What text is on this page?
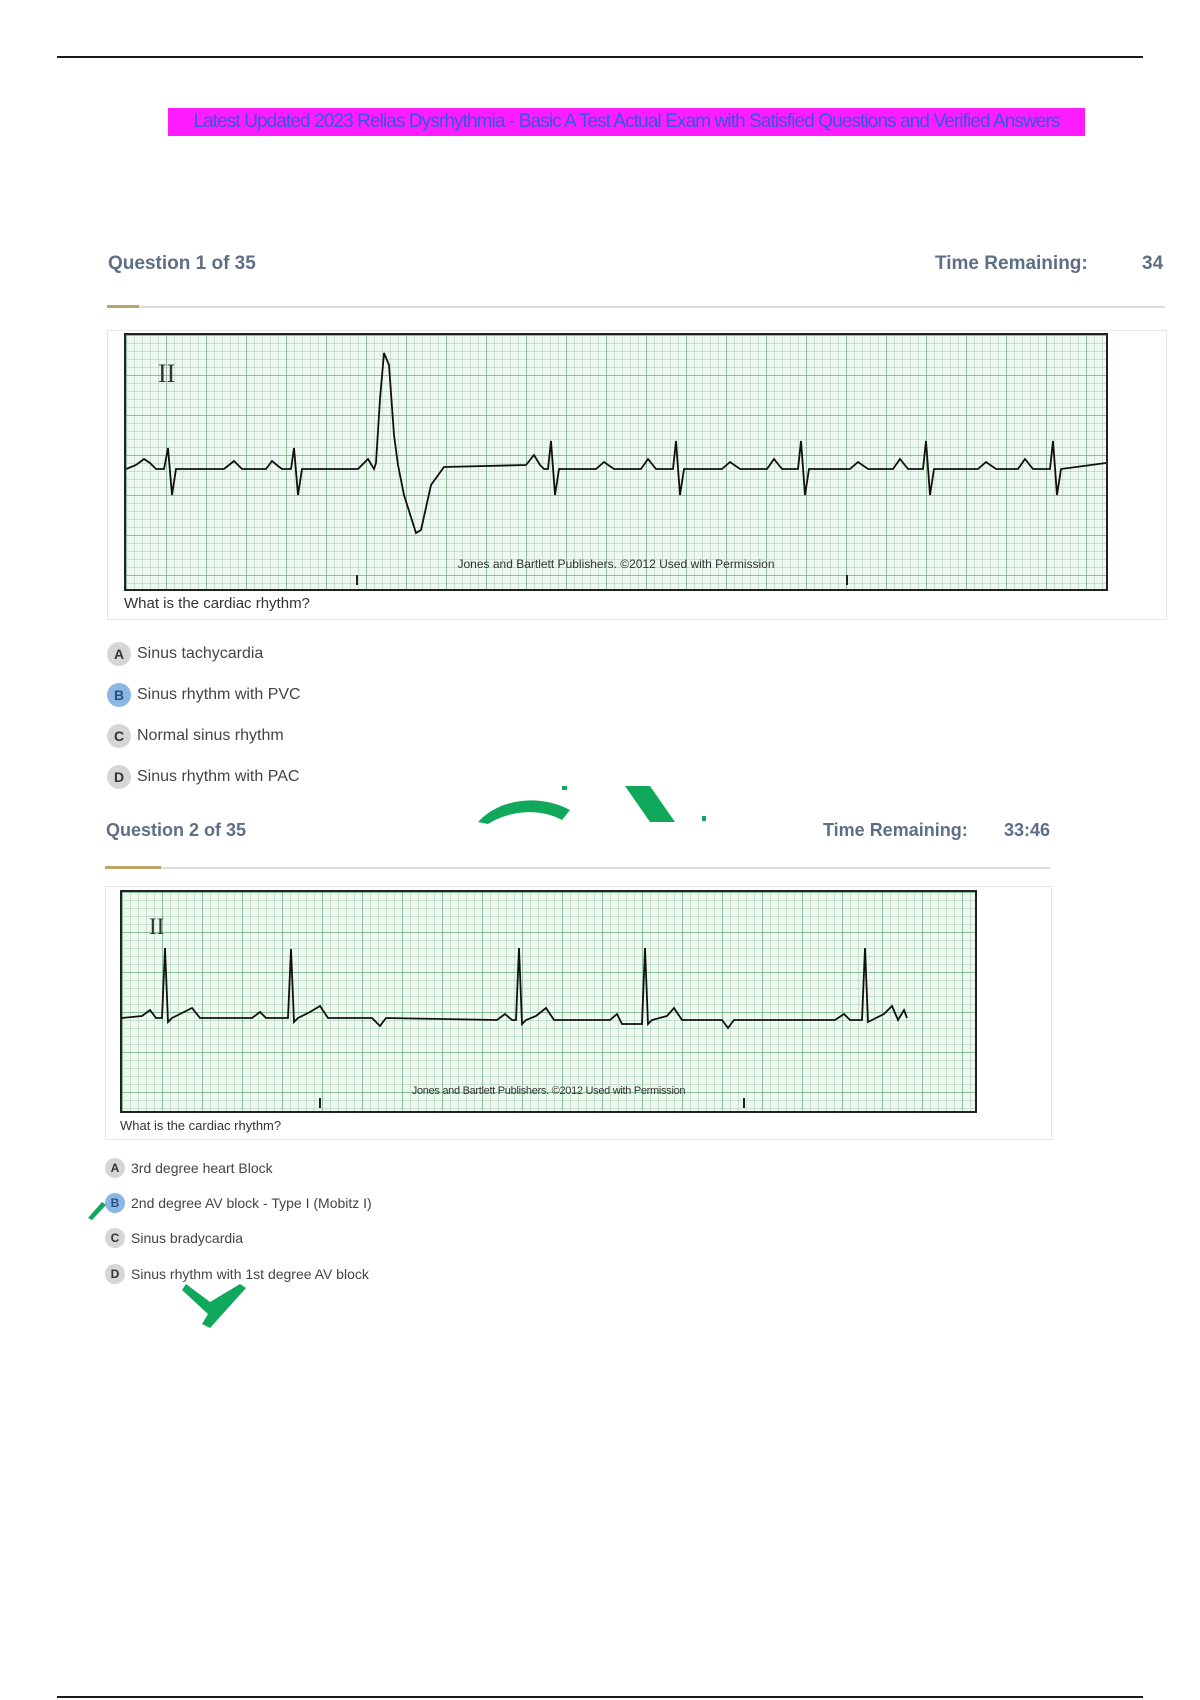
Latest Updated 2023 Relias Dysrhythmia - Basic A Test Actual Exam with Satisfied Questions and Verified Answers
Question 1 of 35	Time Remaining:	34
II
Jones and Bartlett Publishers. ©2012 Used with Permission
What is the cardiac rhythm?
A Sinus tachycardia
B Sinus rhythm with PVC
C Normal sinus rhythm
D Sinus rhythm with PAC
Question 2 of 35	Time Remaining: 33:46
II
Jones and Bartlett Publishers. ©2012 Used with Permission
What is the cardiac rhythm?
A 3rd degree heart Block
B 2nd degree AV block - Type I (Mobitz I)
C Sinus bradycardia
D Sinus rhythm with 1st degree AV block
